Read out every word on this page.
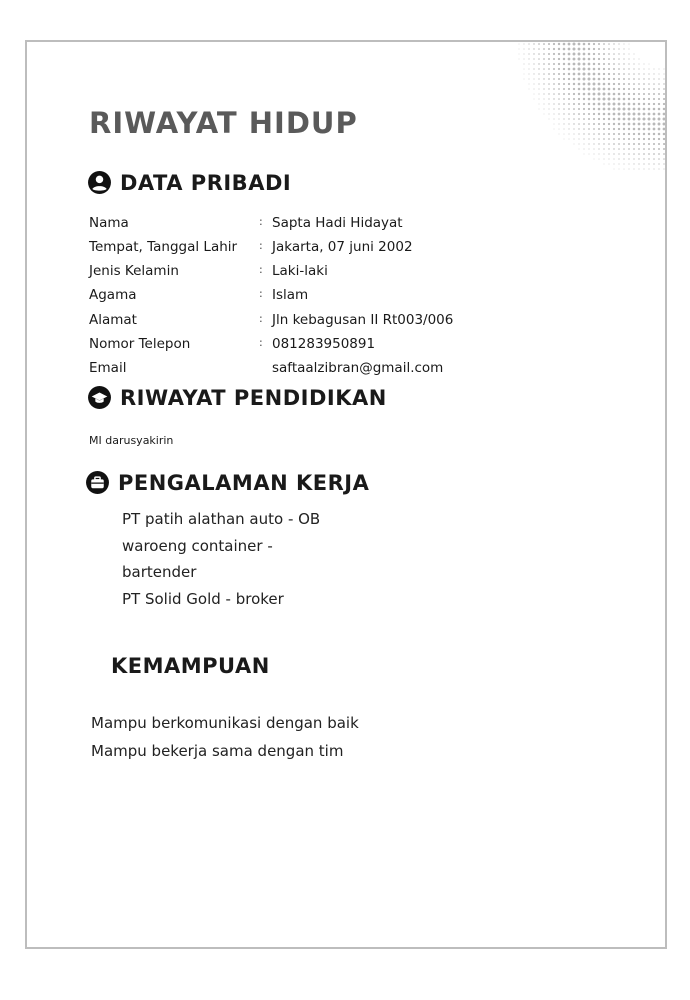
RIWAYAT HIDUP
DATA PRIBADI
Nama	: Sapta Hadi Hidayat
Tempat, Tanggal Lahir : Jakarta, 07 juni 2002
Jenis Kelamin	: Laki-laki
Agama	: Islam
Alamat	: Jln kebagusan II Rt003/006
Nomor Telepon	: 081283950891
Email	saftaalzibran@gmail.com
RIWAYAT PENDIDIKAN
MI darusyakirin
PENGALAMAN KERJA
PT patih alathan auto - OB
waroeng container -
bartender
PT Solid Gold - broker
KEMAMPUAN
Mampu berkomunikasi dengan baik
Mampu bekerja sama dengan tim
